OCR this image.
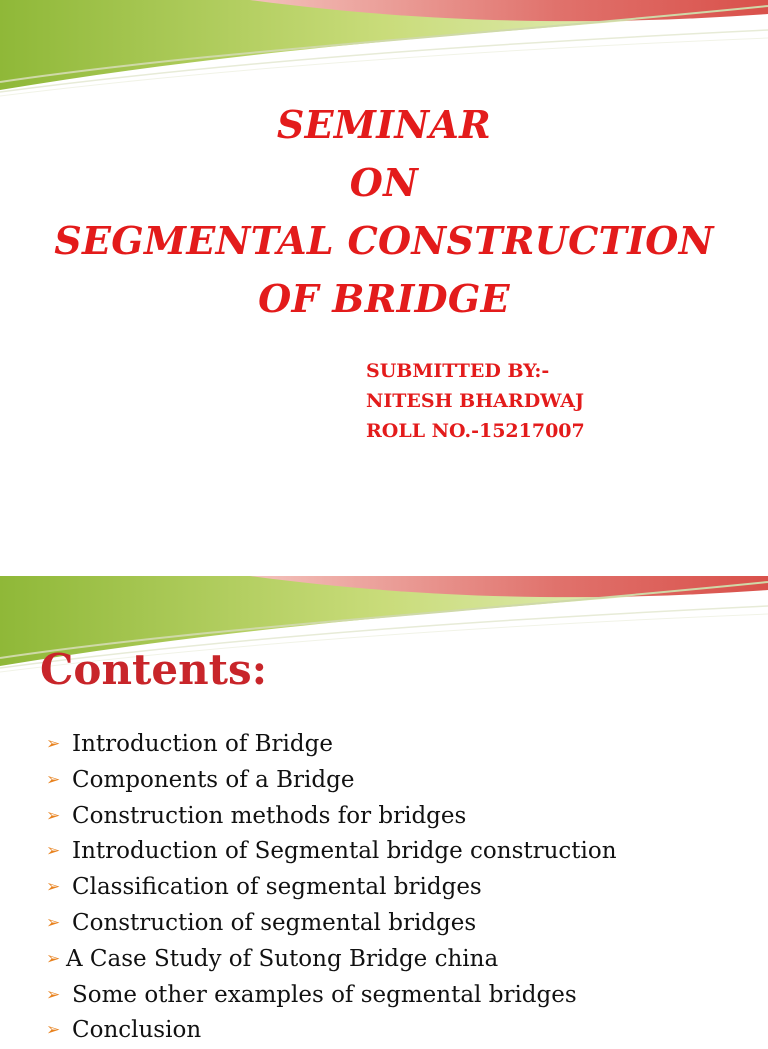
SEMINAR
ON
SEGMENTAL CONSTRUCTION
OF BRIDGE
SUBMITTED BY:-
NITESH BHARDWAJ
ROLL NO.-15217007
Contents:
➢ Introduction of Bridge
➢ Components of a Bridge
➢ Construction methods for bridges
➢ Introduction of Segmental bridge construction
➢ Classification of segmental bridges
➢ Construction of segmental bridges
➢ A Case Study of Sutong Bridge china
➢ Some other examples of segmental bridges
➢ Conclusion
